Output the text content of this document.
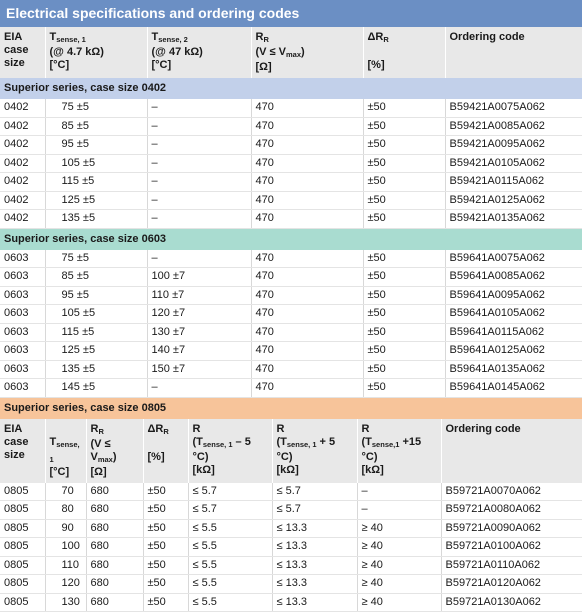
Electrical specifications and ordering codes
EIA
case
size	$T_{sense, 1}$
(@ 4.7 kΩ)
[°C]	$T_{sense, 2}$
(@ 47 kΩ)
[°C]	$R_R$
$(V \le V_{max})$
[Ω]	$\Delta R_R$

[%]	Ordering code
Superior series, case size 0402					
0402	75 ±5	–	470	±50	B59421A0075A062
0402	85 ±5	–	470	±50	B59421A0085A062
0402	95 ±5	–	470	±50	B59421A0095A062
0402	105 ±5	–	470	±50	B59421A0105A062
0402	115 ±5	–	470	±50	B59421A0115A062
0402	125 ±5	–	470	±50	B59421A0125A062
0402	135 ±5	–	470	±50	B59421A0135A062
Superior series, case size 0603					
0603	75 ±5	–	470	±50	B59641A0075A062
0603	85 ±5	100 ±7	470	±50	B59641A0085A062
0603	95 ±5	110 ±7	470	±50	B59641A0095A062
0603	105 ±5	120 ±7	470	±50	B59641A0105A062
0603	115 ±5	130 ±7	470	±50	B59641A0115A062
0603	125 ±5	140 ±7	470	±50	B59641A0125A062
0603	135 ±5	150 ±7	470	±50	B59641A0135A062
0603	145 ±5	–	470	±50	B59641A0145A062
Superior series, case size 0805							
EIA
case
size	$T_{sense, 1}$
[°C]	$R_R$
$(V \le V_{max})$
[Ω]	$\Delta R_R$

[%]	R
($T_{sense, 1} - 5$ °C)
[kΩ]	R
($T_{sense, 1} + 5$ °C)
[kΩ]	R
($T_{sense,1} +15$ °C)
[kΩ]	Ordering code
0805	70	680	±50	≤ 5.7	≤ 5.7	–	B59721A0070A062
0805	80	680	±50	≤ 5.7	≤ 5.7	–	B59721A0080A062
0805	90	680	±50	≤ 5.5	≤ 13.3	≥ 40	B59721A0090A062
0805	100	680	±50	≤ 5.5	≤ 13.3	≥ 40	B59721A0100A062
0805	110	680	±50	≤ 5.5	≤ 13.3	≥ 40	B59721A0110A062
0805	120	680	±50	≤ 5.5	≤ 13.3	≥ 40	B59721A0120A062
0805	130	680	±50	≤ 5.5	≤ 13.3	≥ 40	B59721A0130A062
